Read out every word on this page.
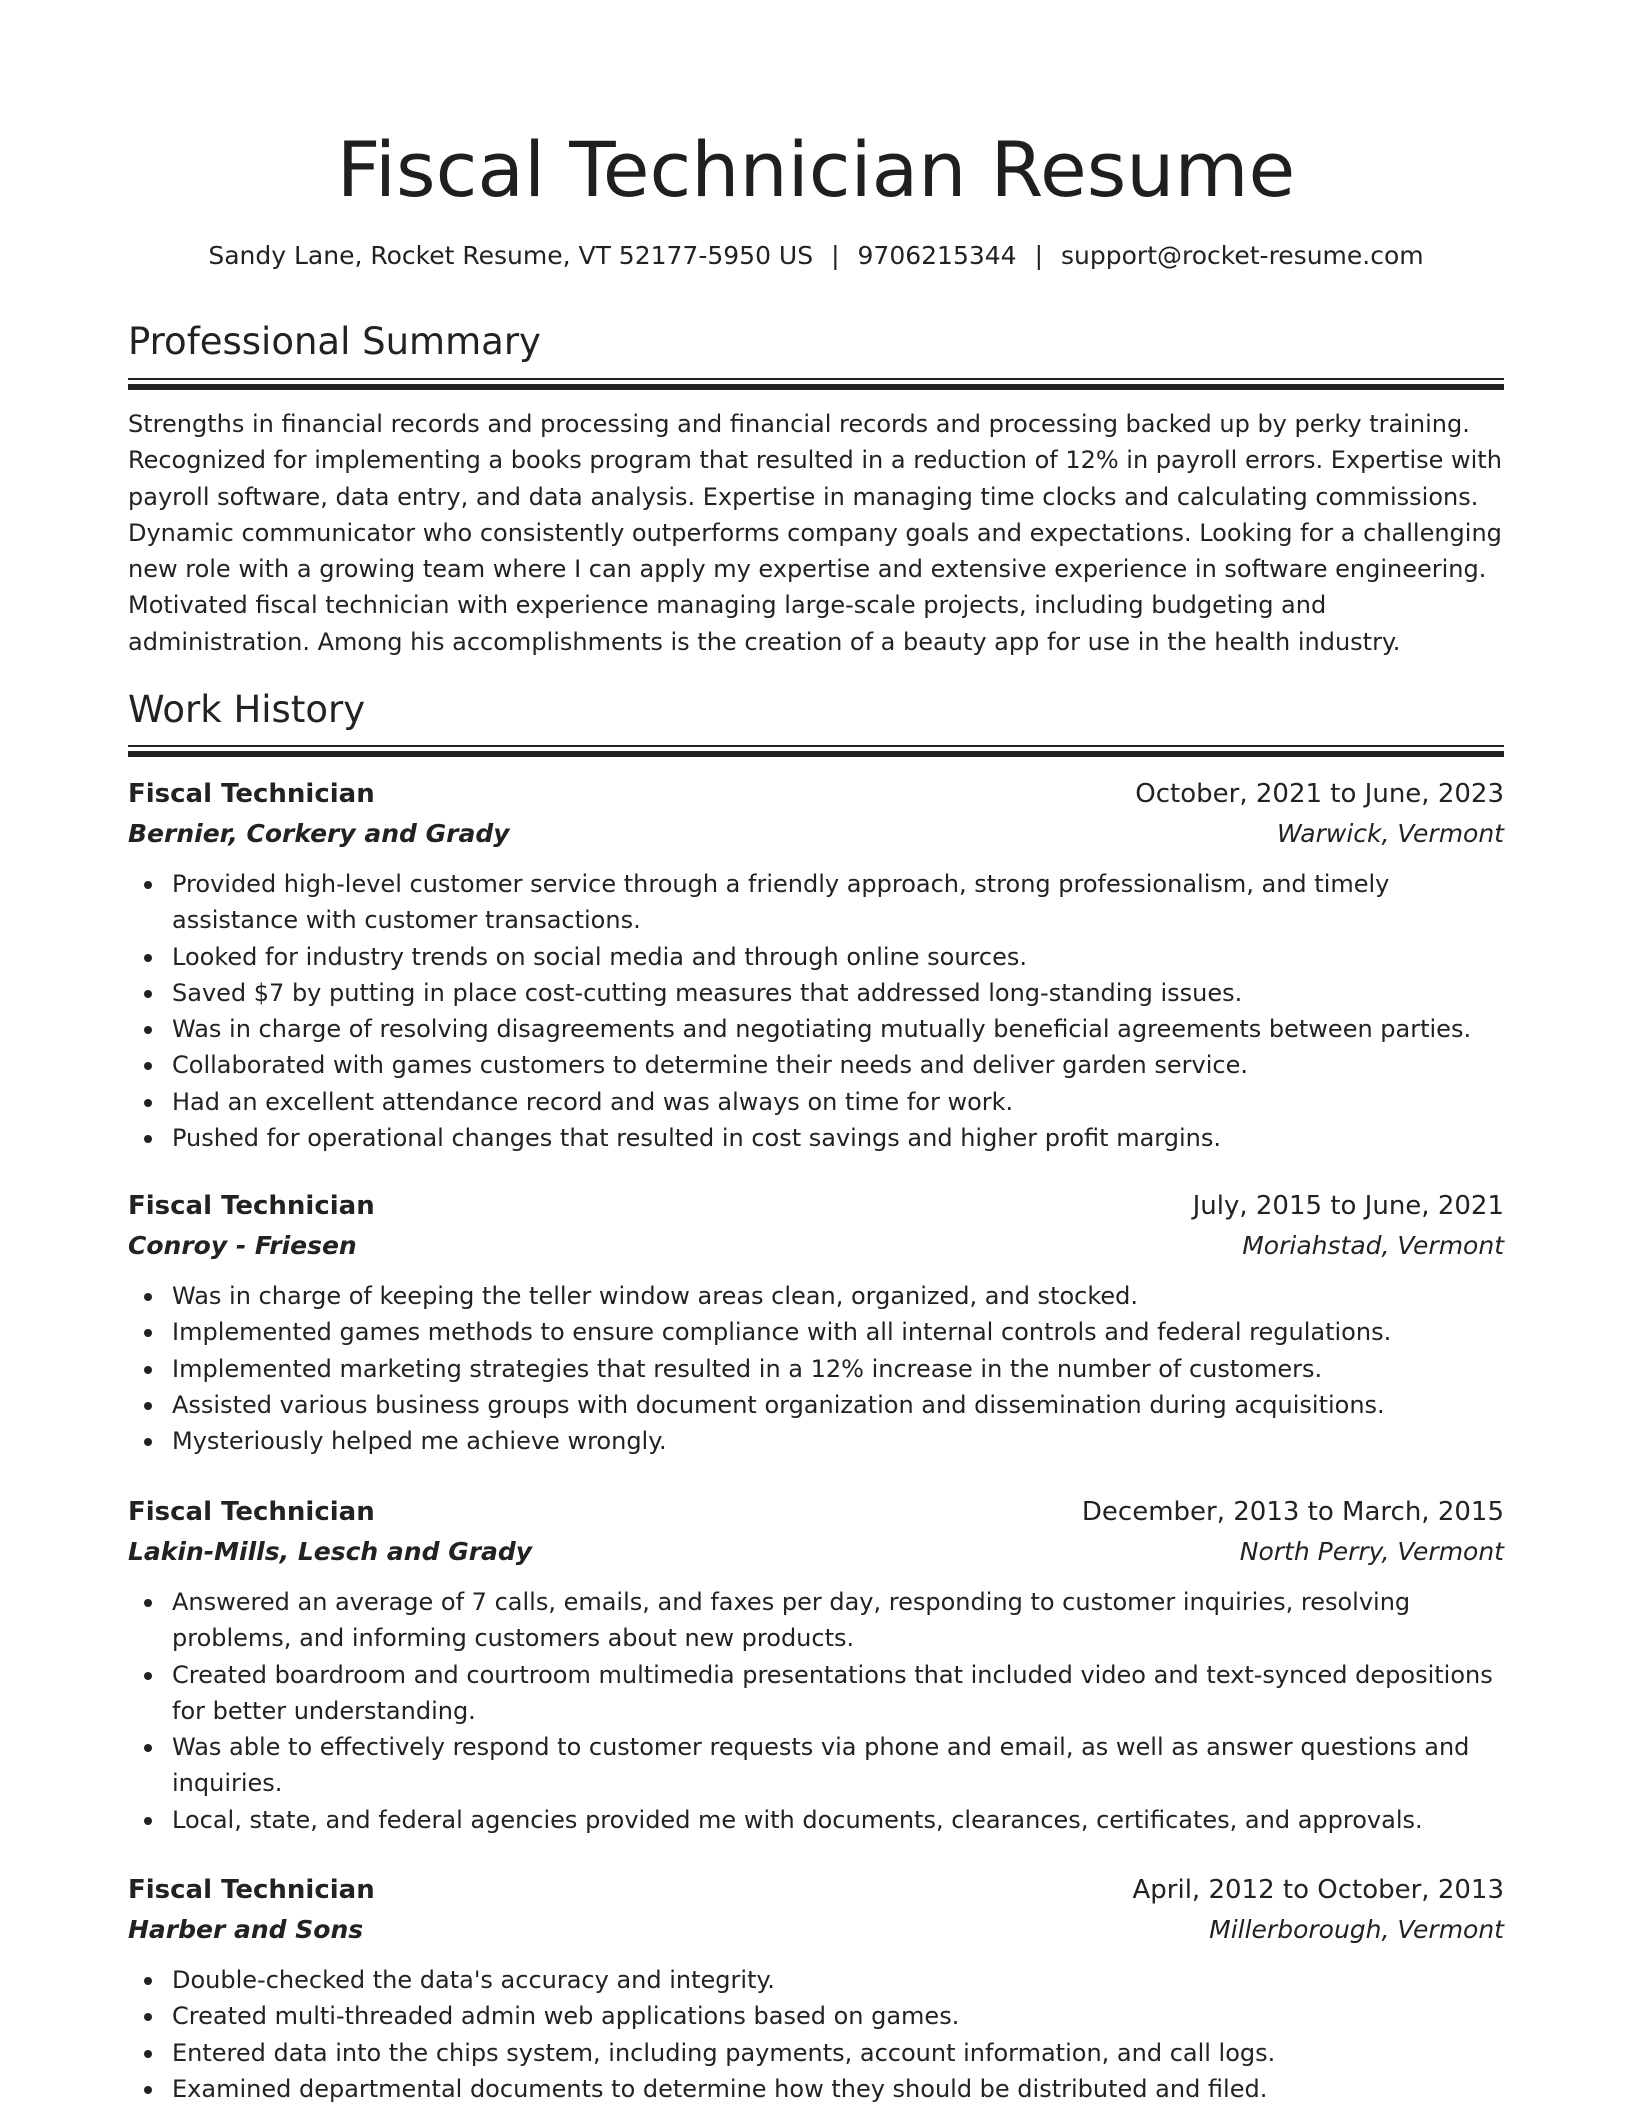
Fiscal Technician Resume
Sandy Lane, Rocket Resume, VT 52177-5950 US | 9706215344 | support@rocket-resume.com
Professional Summary

Strengths in financial records and processing and financial records and processing backed up by perky training. Recognized for implementing a books program that resulted in a reduction of 12% in payroll errors. Expertise with payroll software, data entry, and data analysis. Expertise in managing time clocks and calculating commissions. Dynamic communicator who consistently outperforms company goals and expectations. Looking for a challenging new role with a growing team where I can apply my expertise and extensive experience in software engineering. Motivated fiscal technician with experience managing large-scale projects, including budgeting and administration. Among his accomplishments is the creation of a beauty app for use in the health industry.

Work History
Fiscal Technician	October, 2021 to June, 2023
Bernier, Corkery and Grady	Warwick, Vermont
Provided high-level customer service through a friendly approach, strong professionalism, and timely assistance with customer transactions.
Looked for industry trends on social media and through online sources.
Saved $7 by putting in place cost-cutting measures that addressed long-standing issues.
Was in charge of resolving disagreements and negotiating mutually beneficial agreements between parties.
Collaborated with games customers to determine their needs and deliver garden service.
Had an excellent attendance record and was always on time for work.
Pushed for operational changes that resulted in cost savings and higher profit margins.
Fiscal Technician	July, 2015 to June, 2021
Conroy - Friesen	Moriahstad, Vermont
Was in charge of keeping the teller window areas clean, organized, and stocked.
Implemented games methods to ensure compliance with all internal controls and federal regulations.
Implemented marketing strategies that resulted in a 12% increase in the number of customers.
Assisted various business groups with document organization and dissemination during acquisitions.
Mysteriously helped me achieve wrongly.
Fiscal Technician	December, 2013 to March, 2015
Lakin-Mills, Lesch and Grady	North Perry, Vermont
Answered an average of 7 calls, emails, and faxes per day, responding to customer inquiries, resolving problems, and informing customers about new products.
Created boardroom and courtroom multimedia presentations that included video and text-synced depositions for better understanding.
Was able to effectively respond to customer requests via phone and email, as well as answer questions and inquiries.
Local, state, and federal agencies provided me with documents, clearances, certificates, and approvals.
Fiscal Technician	April, 2012 to October, 2013
Harber and Sons	Millerborough, Vermont
Double-checked the data's accuracy and integrity.
Created multi-threaded admin web applications based on games.
Entered data into the chips system, including payments, account information, and call logs.
Examined departmental documents to determine how they should be distributed and filed.
